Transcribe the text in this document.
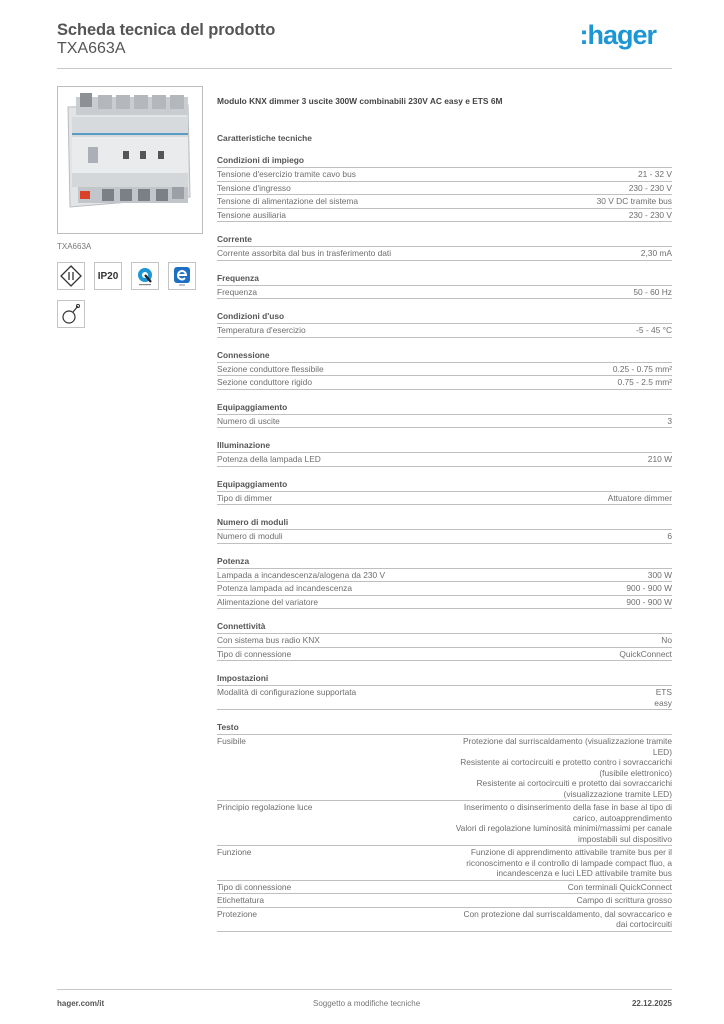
Scheda tecnica del prodotto
TXA663A	:hager
TXA663A
IP20
Modulo KNX dimmer 3 uscite 300W combinabili 230V AC easy e ETS 6M
Caratteristiche tecniche
Condizioni di impiego
Tensione d'esercizio tramite cavo bus	21 - 32 V
Tensione d'ingresso	230 - 230 V
Tensione di alimentazione del sistema	30 V DC tramite bus
Tensione ausiliaria	230 - 230 V
Corrente
Corrente assorbita dal bus in trasferimento dati	2,30 mA
Frequenza
Frequenza	50 - 60 Hz
Condizioni d'uso
Temperatura d'esercizio	-5 - 45 °C
Connessione
Sezione conduttore flessibile	0.25 - 0.75 mm²
Sezione conduttore rigido	0.75 - 2.5 mm²
Equipaggiamento
Numero di uscite	3
Illuminazione
Potenza della lampada LED	210 W
Equipaggiamento
Tipo di dimmer	Attuatore dimmer
Numero di moduli
Numero di moduli	6
Potenza
Lampada a incandescenza/alogena da 230 V	300 W
Potenza lampada ad incandescenza	900 - 900 W
Alimentazione del variatore	900 - 900 W
Connettività
Con sistema bus radio KNX	No
Tipo di connessione	QuickConnect
Impostazioni
Modalità di configurazione supportata	ETS
easy
Testo
Fusibile	Protezione dal surriscaldamento (visualizzazione tramite
LED)
Resistente ai cortocircuiti e protetto contro i sovraccarichi
(fusibile elettronico)
Resistente ai cortocircuiti e protetto dai sovraccarichi
(visualizzazione tramite LED)
Principio regolazione luce	Inserimento o disinserimento della fase in base al tipo di
carico, autoapprendimento
Valori di regolazione luminosità minimi/massimi per canale
impostabili sul dispositivo
Funzione	Funzione di apprendimento attivabile tramite bus per il
riconoscimento e il controllo di lampade compact fluo, a
incandescenza e luci LED attivabile tramite bus
Tipo di connessione	Con terminali QuickConnect
Etichettatura	Campo di scrittura grosso
Protezione	Con protezione dal surriscaldamento, dal sovraccarico e
dai cortocircuiti
hager.com/it	Soggetto a modifiche tecniche	22.12.2025
